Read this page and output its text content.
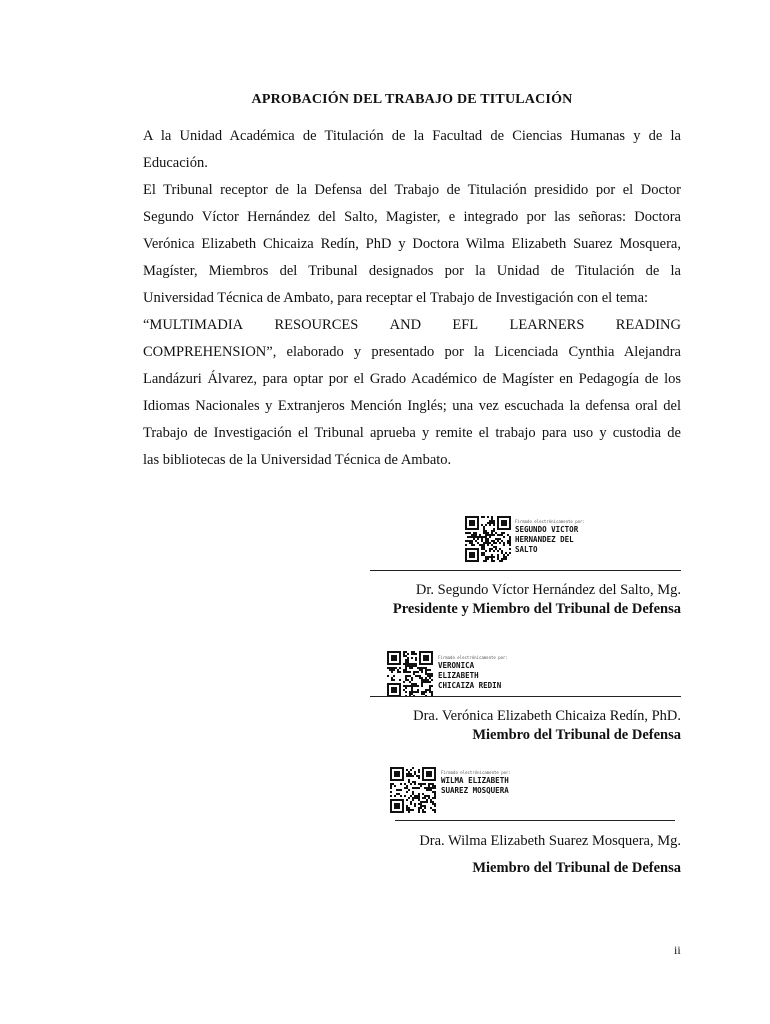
APROBACIÓN DEL TRABAJO DE TITULACIÓN
A la Unidad Académica de Titulación de la Facultad de Ciencias Humanas y de la
Educación.
El Tribunal receptor de la Defensa del Trabajo de Titulación presidido por el Doctor
Segundo Víctor Hernández del Salto, Magister, e integrado por las señoras: Doctora
Verónica Elizabeth Chicaiza Redín, PhD y Doctora Wilma Elizabeth Suarez Mosquera,
Magíster, Miembros del Tribunal designados por la Unidad de Titulación de la
Universidad Técnica de Ambato, para receptar el Trabajo de Investigación con el tema:
“MULTIMADIA RESOURCES AND EFL LEARNERS READING
COMPREHENSION”, elaborado y presentado por la Licenciada Cynthia Alejandra
Landázuri Álvarez, para optar por el Grado Académico de Magíster en Pedagogía de los
Idiomas Nacionales y Extranjeros Mención Inglés; una vez escuchada la defensa oral del
Trabajo de Investigación el Tribunal aprueba y remite el trabajo para uso y custodia de
las bibliotecas de la Universidad Técnica de Ambato.
Firmado electrónicamente por:
SEGUNDO VICTOR
HERNANDEZ DEL
SALTO
Dr. Segundo Víctor Hernández del Salto, Mg.
Presidente y Miembro del Tribunal de Defensa
Firmado electrónicamente por:
VERONICA
ELIZABETH
CHICAIZA REDIN
Dra. Verónica Elizabeth Chicaiza Redín, PhD.
Miembro del Tribunal de Defensa
Firmado electrónicamente por:
WILMA ELIZABETH
SUAREZ MOSQUERA
Dra. Wilma Elizabeth Suarez Mosquera, Mg.
Miembro del Tribunal de Defensa
ii
